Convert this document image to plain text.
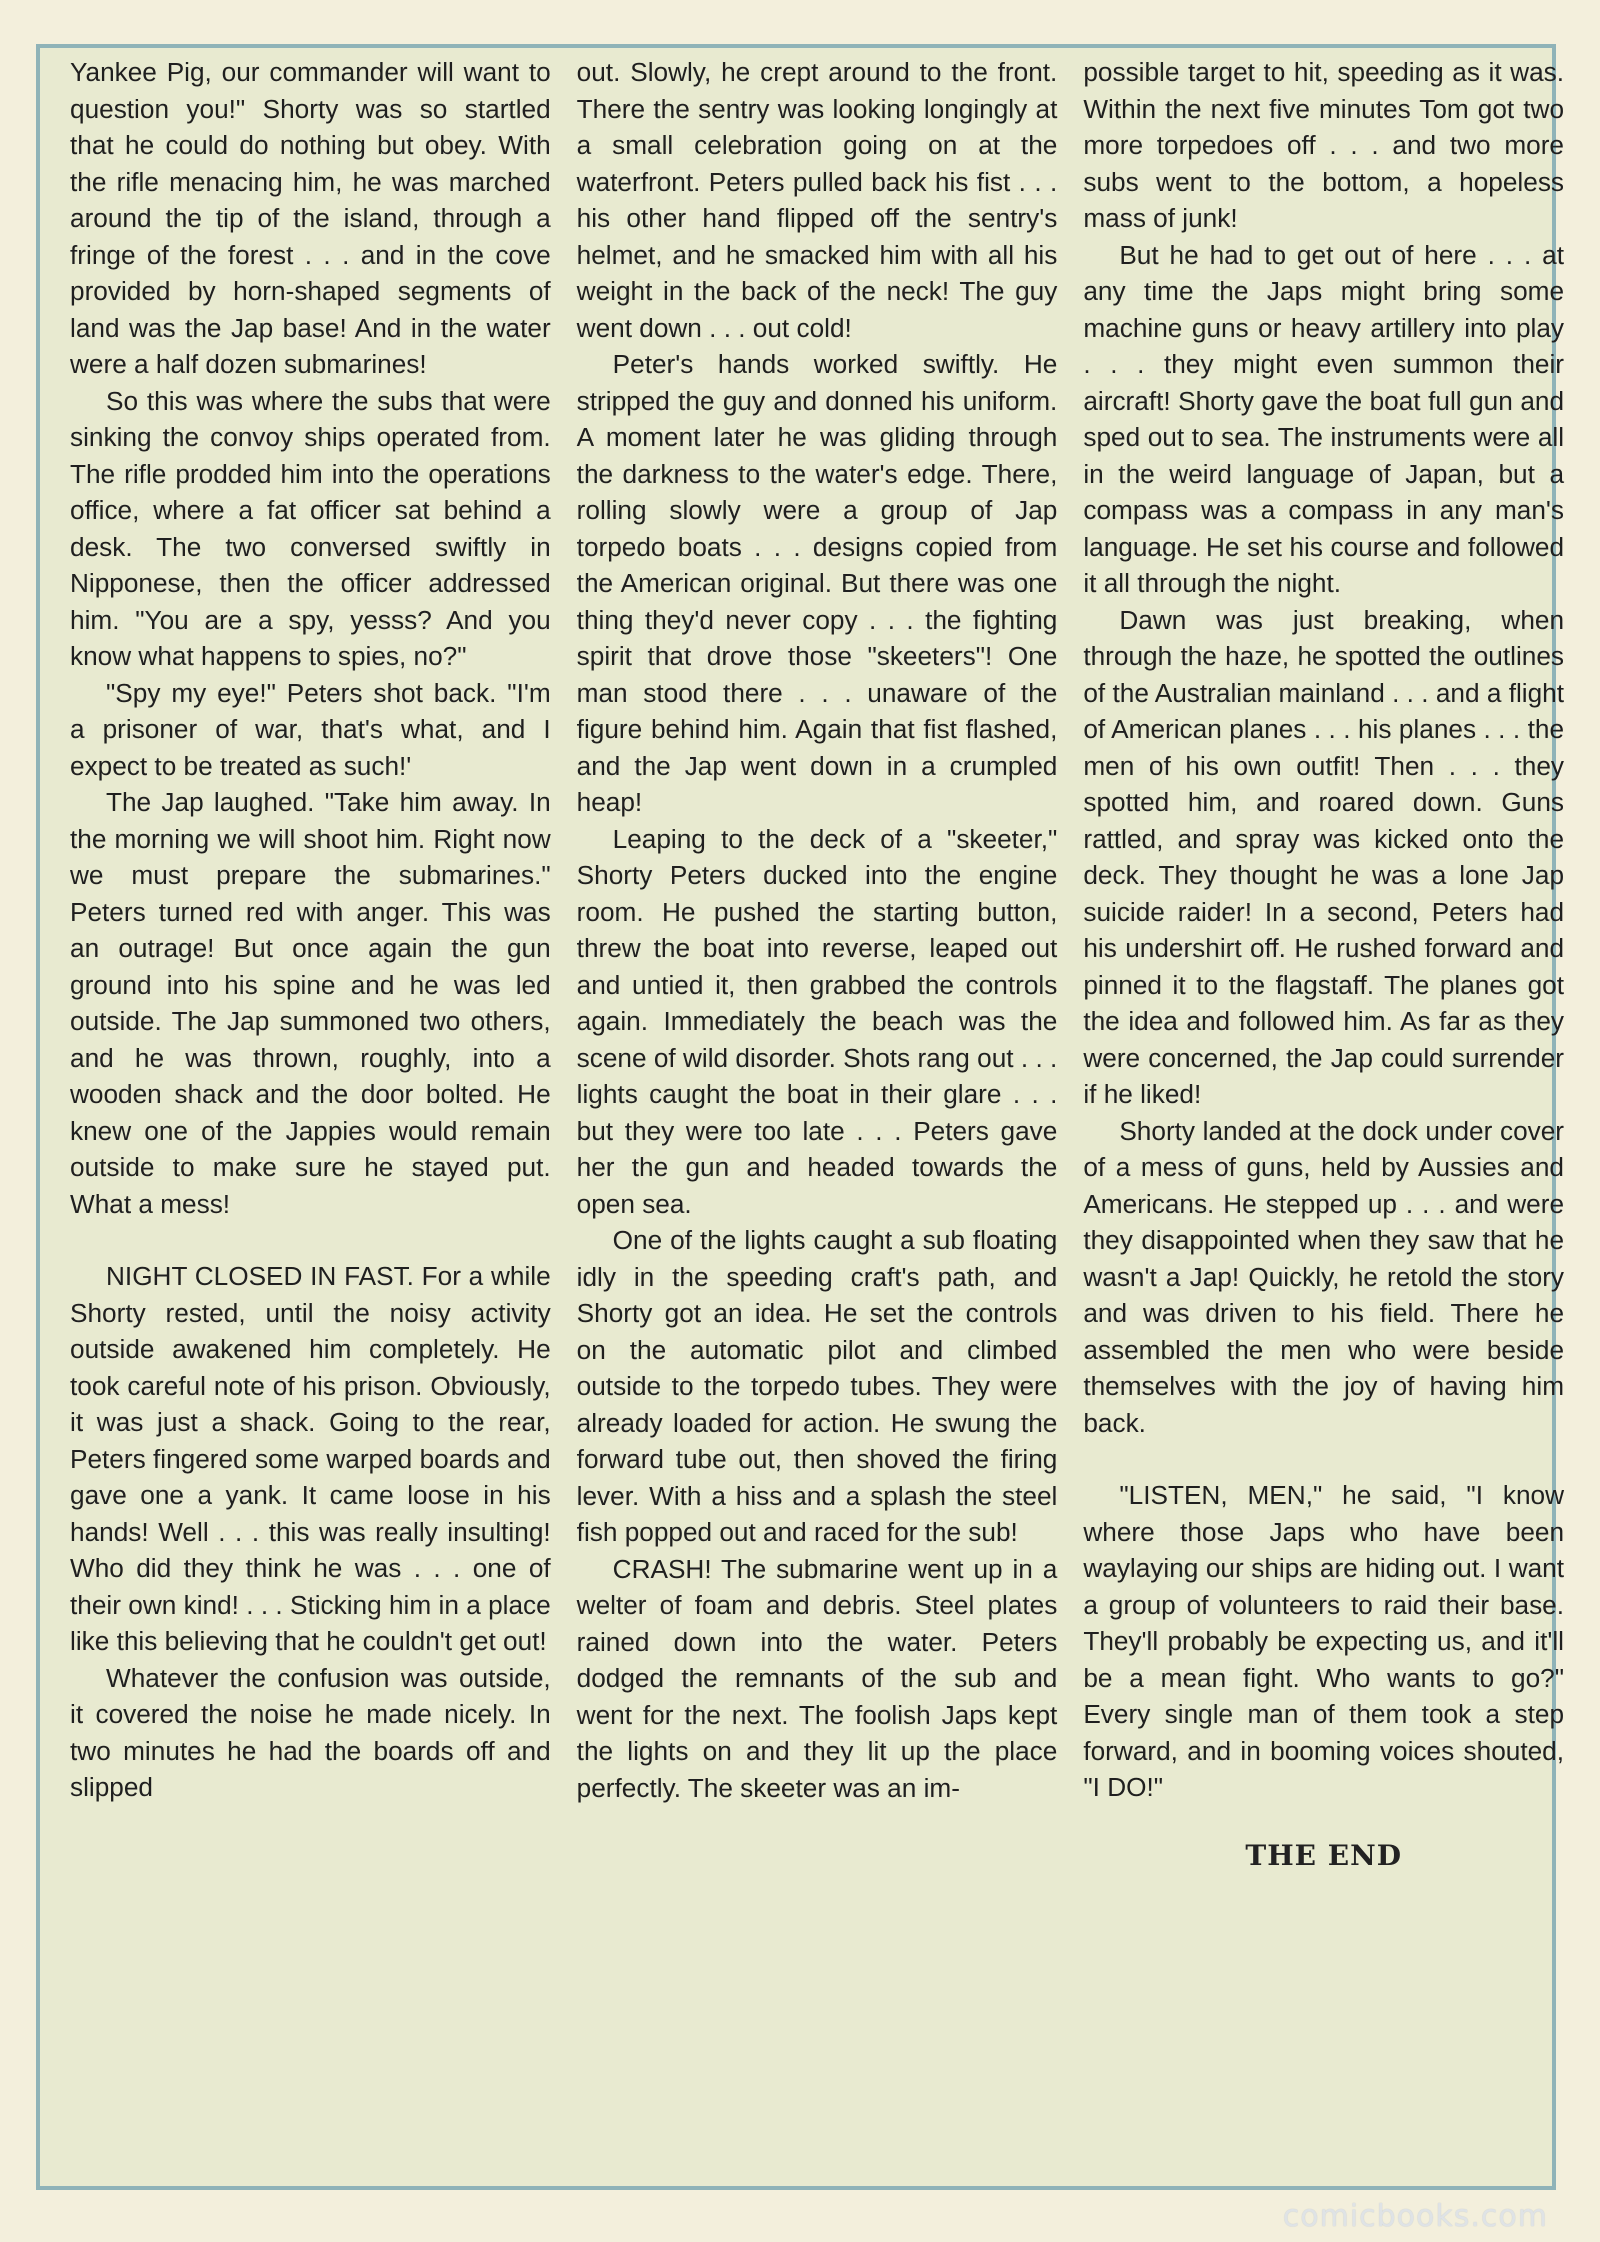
Yankee Pig, our commander will want to question you!" Shorty was so startled that he could do nothing but obey. With the rifle menacing him, he was marched around the tip of the island, through a fringe of the forest . . . and in the cove provided by horn-shaped segments of land was the Jap base! And in the water were a half dozen submarines!

So this was where the subs that were sinking the convoy ships operated from. The rifle prodded him into the operations office, where a fat officer sat behind a desk. The two conversed swiftly in Nipponese, then the officer addressed him. "You are a spy, yesss? And you know what happens to spies, no?"

"Spy my eye!" Peters shot back. "I'm a prisoner of war, that's what, and I expect to be treated as such!'

The Jap laughed. "Take him away. In the morning we will shoot him. Right now we must prepare the submarines." Peters turned red with anger. This was an outrage! But once again the gun ground into his spine and he was led outside. The Jap summoned two others, and he was thrown, roughly, into a wooden shack and the door bolted. He knew one of the Jappies would remain outside to make sure he stayed put. What a mess!

NIGHT CLOSED IN FAST. For a while Shorty rested, until the noisy activity outside awakened him completely. He took careful note of his prison. Obviously, it was just a shack. Going to the rear, Peters fingered some warped boards and gave one a yank. It came loose in his hands! Well . . . this was really insulting! Who did they think he was . . . one of their own kind! . . . Sticking him in a place like this believing that he couldn't get out!

Whatever the confusion was outside, it covered the noise he made nicely. In two minutes he had the boards off and slipped

out. Slowly, he crept around to the front. There the sentry was looking longingly at a small celebration going on at the waterfront. Peters pulled back his fist . . . his other hand flipped off the sentry's helmet, and he smacked him with all his weight in the back of the neck! The guy went down . . . out cold!

Peter's hands worked swiftly. He stripped the guy and donned his uniform. A moment later he was gliding through the darkness to the water's edge. There, rolling slowly were a group of Jap torpedo boats . . . designs copied from the American original. But there was one thing they'd never copy . . . the fighting spirit that drove those "skeeters"! One man stood there . . . unaware of the figure behind him. Again that fist flashed, and the Jap went down in a crumpled heap!

Leaping to the deck of a "skeeter," Shorty Peters ducked into the engine room. He pushed the starting button, threw the boat into reverse, leaped out and untied it, then grabbed the controls again. Immediately the beach was the scene of wild disorder. Shots rang out . . . lights caught the boat in their glare . . . but they were too late . . . Peters gave her the gun and headed towards the open sea.

One of the lights caught a sub floating idly in the speeding craft's path, and Shorty got an idea. He set the controls on the automatic pilot and climbed outside to the torpedo tubes. They were already loaded for action. He swung the forward tube out, then shoved the firing lever. With a hiss and a splash the steel fish popped out and raced for the sub!

CRASH! The submarine went up in a welter of foam and debris. Steel plates rained down into the water. Peters dodged the remnants of the sub and went for the next. The foolish Japs kept the lights on and they lit up the place perfectly. The skeeter was an im-

possible target to hit, speeding as it was. Within the next five minutes Tom got two more torpedoes off . . . and two more subs went to the bottom, a hopeless mass of junk!

But he had to get out of here . . . at any time the Japs might bring some machine guns or heavy artillery into play . . . they might even summon their aircraft! Shorty gave the boat full gun and sped out to sea. The instruments were all in the weird language of Japan, but a compass was a compass in any man's language. He set his course and followed it all through the night.

Dawn was just breaking, when through the haze, he spotted the outlines of the Australian mainland . . . and a flight of American planes . . . his planes . . . the men of his own outfit! Then . . . they spotted him, and roared down. Guns rattled, and spray was kicked onto the deck. They thought he was a lone Jap suicide raider! In a second, Peters had his undershirt off. He rushed forward and pinned it to the flagstaff. The planes got the idea and followed him. As far as they were concerned, the Jap could surrender if he liked!

Shorty landed at the dock under cover of a mess of guns, held by Aussies and Americans. He stepped up . . . and were they disappointed when they saw that he wasn't a Jap! Quickly, he retold the story and was driven to his field. There he assembled the men who were beside themselves with the joy of having him back.

"LISTEN, MEN," he said, "I know where those Japs who have been waylaying our ships are hiding out. I want a group of volunteers to raid their base. They'll probably be expecting us, and it'll be a mean fight. Who wants to go?" Every single man of them took a step forward, and in booming voices shouted, "I DO!"

THE END
comicbooks.com
